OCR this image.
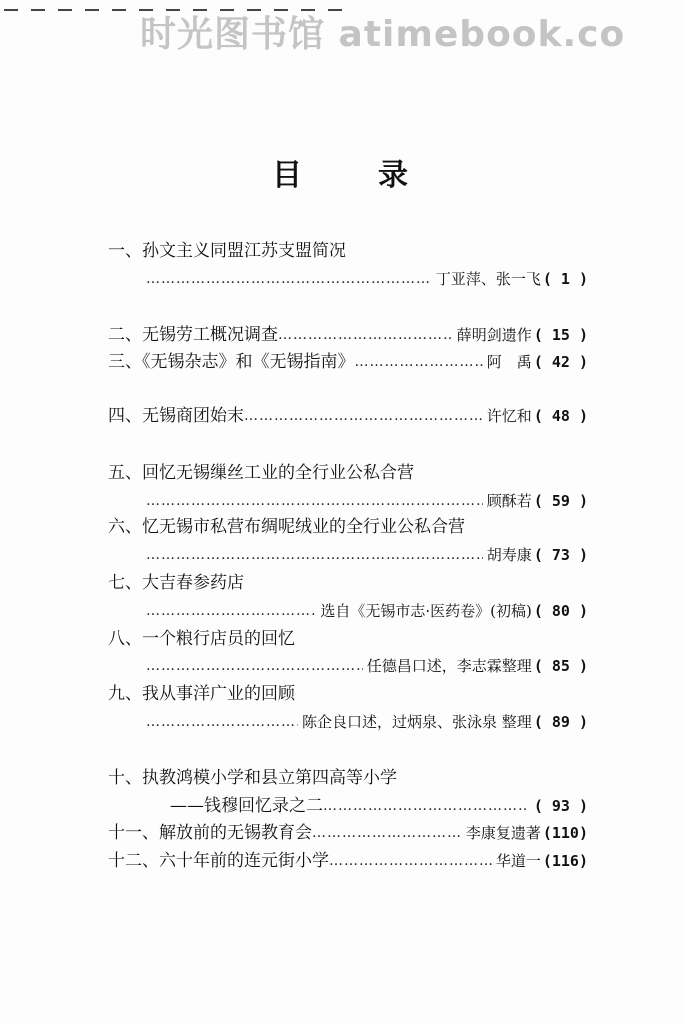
时光图书馆 atimebook.co
目	录
一、孙文主义同盟江苏支盟简况
…………………………………………………………………………………………………………………………
丁亚萍、张一飞 ( 1 )
二、无锡劳工概况调查 …………………………………………………………………………………………………………………………	薛明剑遗作 ( 15 )
三、《无锡杂志》和《无锡指南》 …………………………………………………………………………………………………………………………	阿　禹 ( 42 )
四、无锡商团始末 …………………………………………………………………………………………………………………………	许忆和 ( 48 )
五、回忆无锡缫丝工业的全行业公私合营
…………………………………………………………………………………………………………………………
顾酥若 ( 59 )
六、忆无锡市私营布绸呢绒业的全行业公私合营
…………………………………………………………………………………………………………………………
胡寿康 ( 73 )
七、大吉春参药店
…………………………………………………………………………………………………………………………
选自《无锡市志·医药卷》(初稿) ( 80 )
八、一个粮行店员的回忆
…………………………………………………………………………………………………………………………
任德昌口述，李志霖整理 ( 85 )
九、我从事洋广业的回顾
…………………………………………………………………………………………………………………………
陈企良口述，过炳泉、张泳泉 整理 ( 89 )
十、执教鸿模小学和县立第四高等小学
——钱穆回忆录之二 …………………………………………………………………………………………………………………………	( 93 )
十一、解放前的无锡教育会 …………………………………………………………………………………………………………………………	李康复遗著 (110)
十二、六十年前的连元街小学 …………………………………………………………………………………………………………………………	华道一 (116)
